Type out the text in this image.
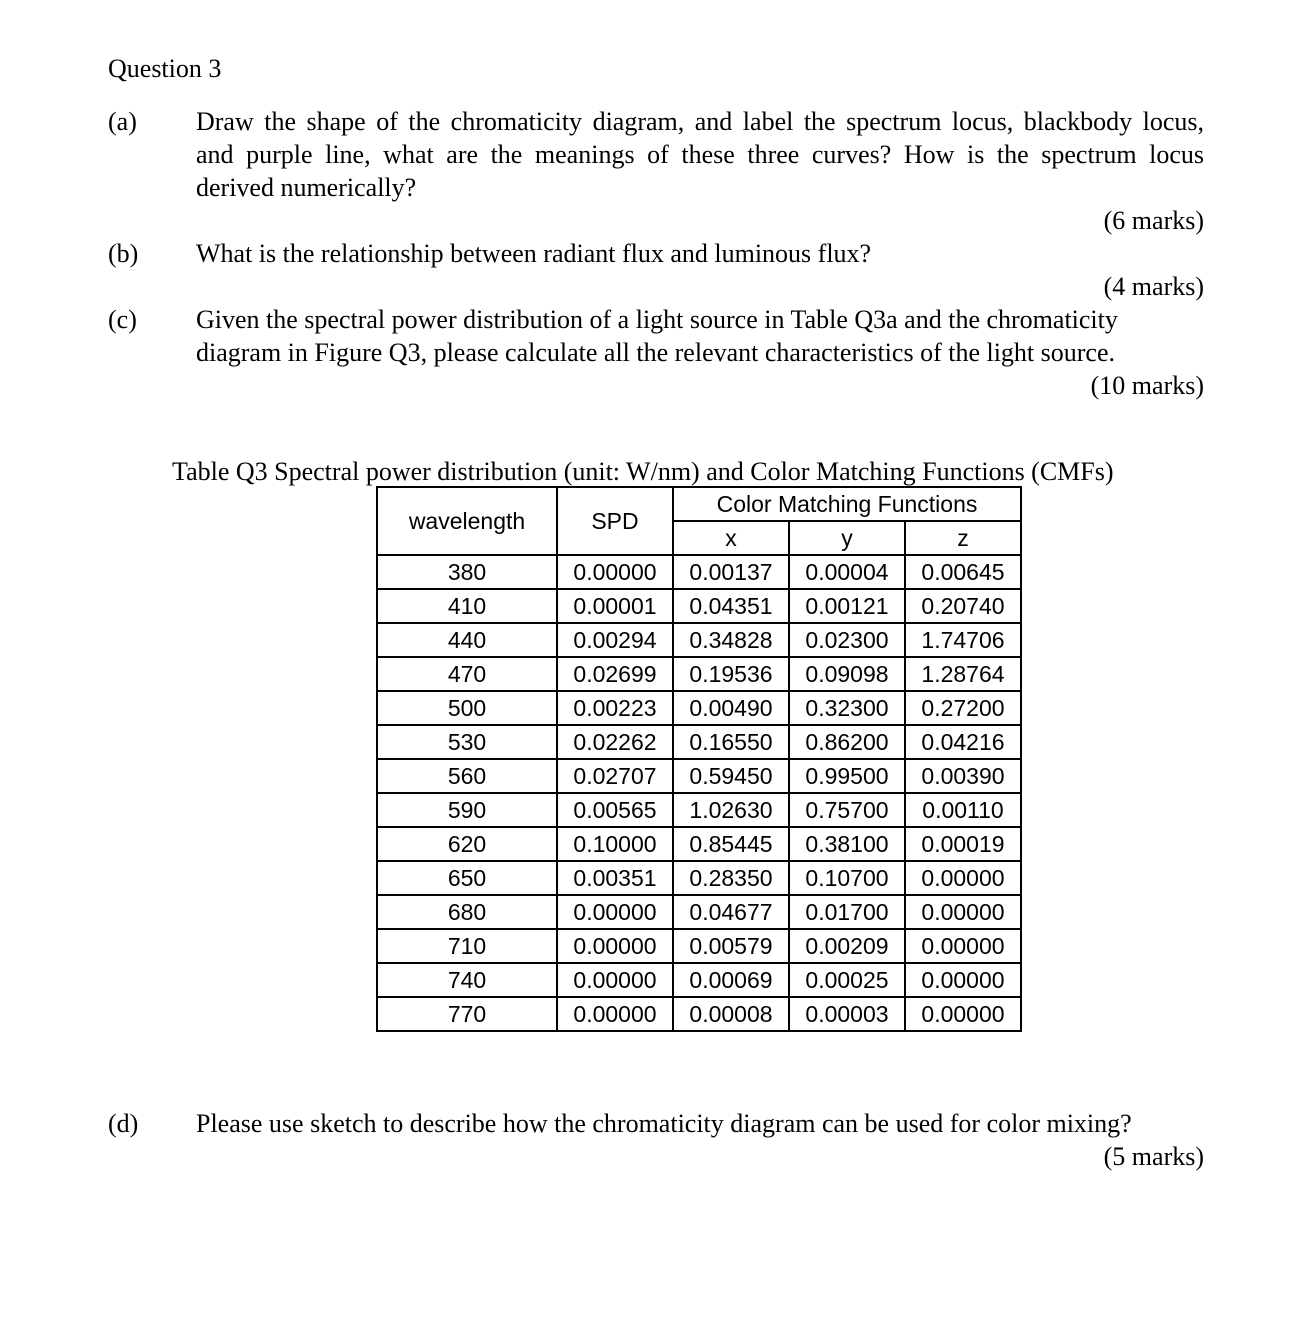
Question 3
(a) Draw the shape of the chromaticity diagram, and label the spectrum locus, blackbody locus,
and purple line, what are the meanings of these three curves? How is the spectrum locus
derived numerically?
(6 marks)
(b) What is the relationship between radiant flux and luminous flux?
(4 marks)
(c) Given the spectral power distribution of a light source in Table Q3a and the chromaticity
diagram in Figure Q3, please calculate all the relevant characteristics of the light source.
(10 marks)
Table Q3 Spectral power distribution (unit: W/nm) and Color Matching Functions (CMFs)
wavelength	SPD	Color Matching Functions		
		x	y	z
380	0.00000	0.00137	0.00004	0.00645
410	0.00001	0.04351	0.00121	0.20740
440	0.00294	0.34828	0.02300	1.74706
470	0.02699	0.19536	0.09098	1.28764
500	0.00223	0.00490	0.32300	0.27200
530	0.02262	0.16550	0.86200	0.04216
560	0.02707	0.59450	0.99500	0.00390
590	0.00565	1.02630	0.75700	0.00110
620	0.10000	0.85445	0.38100	0.00019
650	0.00351	0.28350	0.10700	0.00000
680	0.00000	0.04677	0.01700	0.00000
710	0.00000	0.00579	0.00209	0.00000
740	0.00000	0.00069	0.00025	0.00000
770	0.00000	0.00008	0.00003	0.00000
(d) Please use sketch to describe how the chromaticity diagram can be used for color mixing?
(5 marks)
